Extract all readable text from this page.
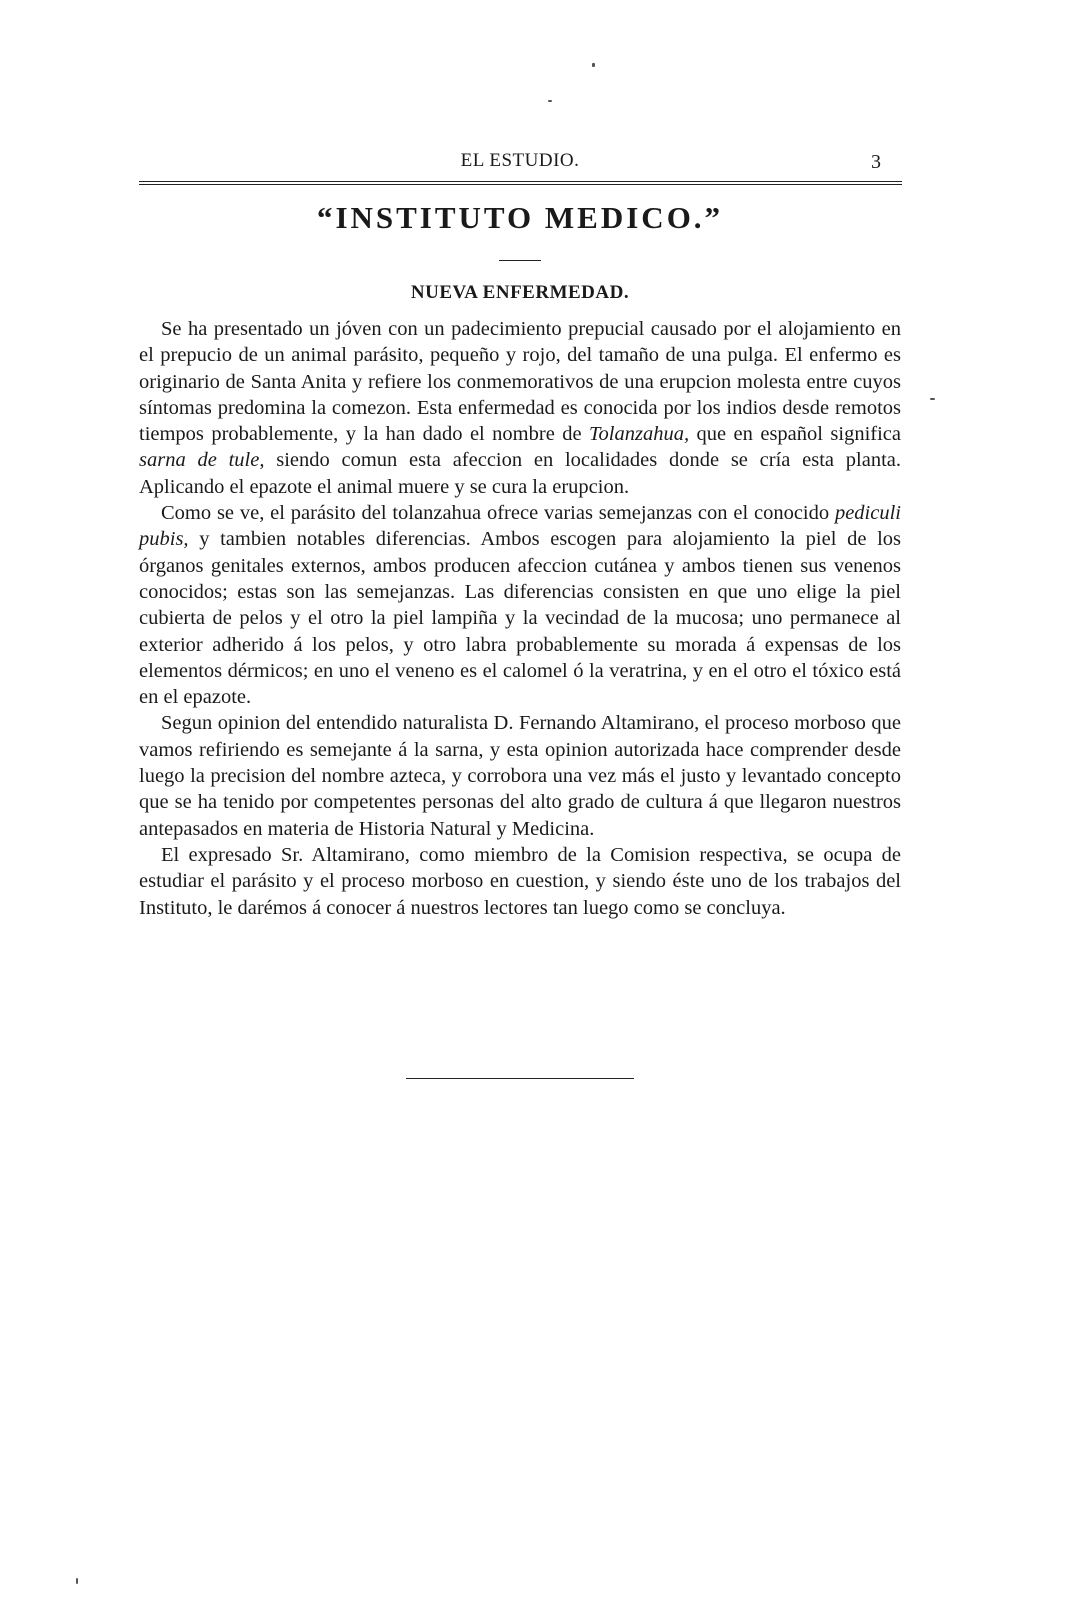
EL ESTUDIO.	3
“INSTITUTO MEDICO.”
NUEVA ENFERMEDAD.

Se ha presentado un jóven con un padecimiento prepucial causado por el alojamiento en el prepucio de un animal parásito, pequeño y rojo, del tamaño de una pulga. El enfermo es originario de Santa Anita y refiere los conmemorativos de una erupcion molesta entre cuyos síntomas predomina la comezon. Esta enfermedad es conocida por los indios desde remotos tiempos probablemente, y la han dado el nombre de Tolanzahua, que en español significa sarna de tule, siendo comun esta afeccion en localidades donde se cría esta planta. Aplicando el epazote el animal muere y se cura la erupcion.

Como se ve, el parásito del tolanzahua ofrece varias semejanzas con el conocido pediculi pubis, y tambien notables diferencias. Ambos escogen para alojamiento la piel de los órganos genitales externos, ambos producen afeccion cutánea y ambos tienen sus venenos conocidos; estas son las semejanzas. Las diferencias consisten en que uno elige la piel cubierta de pelos y el otro la piel lampiña y la vecindad de la mucosa; uno permanece al exterior adherido á los pelos, y otro labra probablemente su morada á expensas de los elementos dérmicos; en uno el veneno es el calomel ó la veratrina, y en el otro el tóxico está en el epazote.

Segun opinion del entendido naturalista D. Fernando Altamirano, el proceso morboso que vamos refiriendo es semejante á la sarna, y esta opinion autorizada hace comprender desde luego la precision del nombre azteca, y corrobora una vez más el justo y levantado concepto que se ha tenido por competentes personas del alto grado de cultura á que llegaron nuestros antepasados en materia de Historia Natural y Medicina.

El expresado Sr. Altamirano, como miembro de la Comision respectiva, se ocupa de estudiar el parásito y el proceso morboso en cuestion, y siendo éste uno de los trabajos del Instituto, le darémos á conocer á nuestros lectores tan luego como se concluya.
